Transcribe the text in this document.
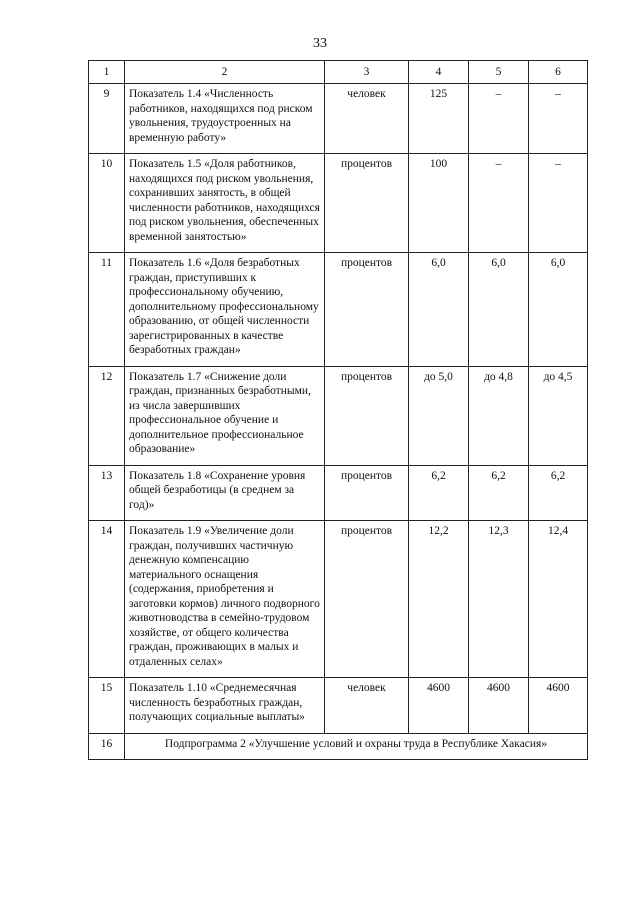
33
1	2	3	4	5	6
9	Показатель 1.4 «Численность работников, находящихся под риском увольнения, трудоустроенных на временную работу»	человек	125	–	–
10	Показатель 1.5 «Доля работников, находящихся под риском увольнения, сохранивших занятость, в общей численности работников, находящихся под риском увольнения, обеспеченных временной занятостью»	процентов	100	–	–
11	Показатель 1.6 «Доля безработных граждан, приступивших к профессиональному обучению, дополнительному профессиональному образованию, от общей численности зарегистрированных в качестве безработных граждан»	процентов	6,0	6,0	6,0
12	Показатель 1.7 «Снижение доли граждан, признанных безработными, из числа завершивших профессиональное обучение и дополнительное профессиональное образование»	процентов	до 5,0	до 4,8	до 4,5
13	Показатель 1.8 «Сохранение уровня общей безработицы (в среднем за год)»	процентов	6,2	6,2	6,2
14	Показатель 1.9 «Увеличение доли граждан, получивших частичную денежную компенсацию материального оснащения (содержания, приобретения и заготовки кормов) личного подворного животноводства в семейно-трудовом хозяйстве, от общего количества граждан, проживающих в малых и отдаленных селах»	процентов	12,2	12,3	12,4
15	Показатель 1.10 «Среднемесячная численность безработных граждан, получающих социальные выплаты»	человек	4600	4600	4600
16	Подпрограмма 2 «Улучшение условий и охраны труда в Республике Хакасия»				
